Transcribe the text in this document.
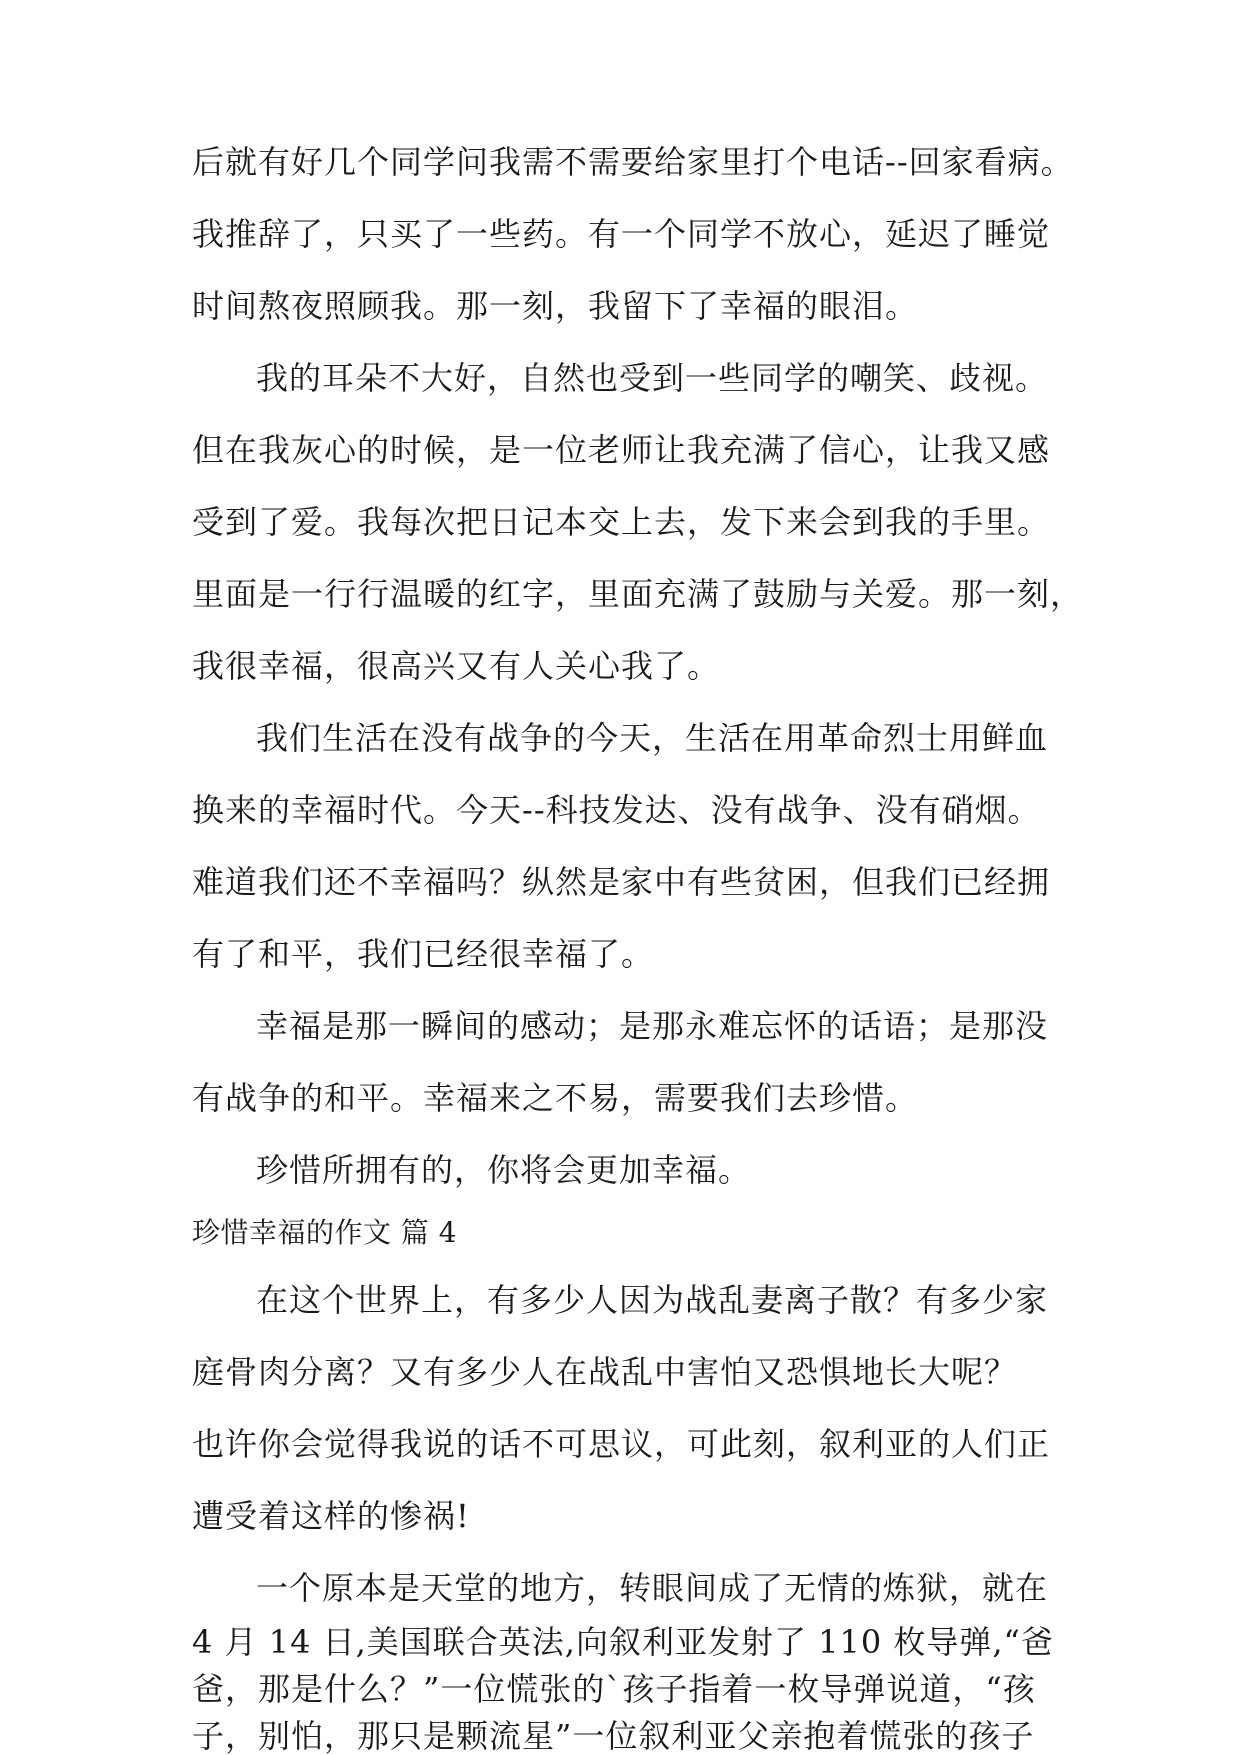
后就有好几个同学问我需不需要给家里打个电话--回家看病。
我推辞了，只买了一些药。有一个同学不放心，延迟了睡觉
时间熬夜照顾我。那一刻，我留下了幸福的眼泪。
我的耳朵不大好，自然也受到一些同学的嘲笑、歧视。
但在我灰心的时候，是一位老师让我充满了信心，让我又感
受到了爱。我每次把日记本交上去，发下来会到我的手里。
里面是一行行温暖的红字，里面充满了鼓励与关爱。那一刻，
我很幸福，很高兴又有人关心我了。
我们生活在没有战争的今天，生活在用革命烈士用鲜血
换来的幸福时代。今天--科技发达、没有战争、没有硝烟。
难道我们还不幸福吗？纵然是家中有些贫困，但我们已经拥
有了和平，我们已经很幸福了。
幸福是那一瞬间的感动；是那永难忘怀的话语；是那没
有战争的和平。幸福来之不易，需要我们去珍惜。
珍惜所拥有的，你将会更加幸福。
珍惜幸福的作文 篇 4
在这个世界上，有多少人因为战乱妻离子散？有多少家
庭骨肉分离？又有多少人在战乱中害怕又恐惧地长大呢？
也许你会觉得我说的话不可思议，可此刻，叙利亚的人们正
遭受着这样的惨祸!
一个原本是天堂的地方，转眼间成了无情的炼狱，就在
4 月 14 日,美国联合英法,向叙利亚发射了 110 枚导弹,“爸
爸，那是什么？”一位慌张的`孩子指着一枚导弹说道，“孩
子，别怕，那只是颗流星”一位叙利亚父亲抱着慌张的孩子
